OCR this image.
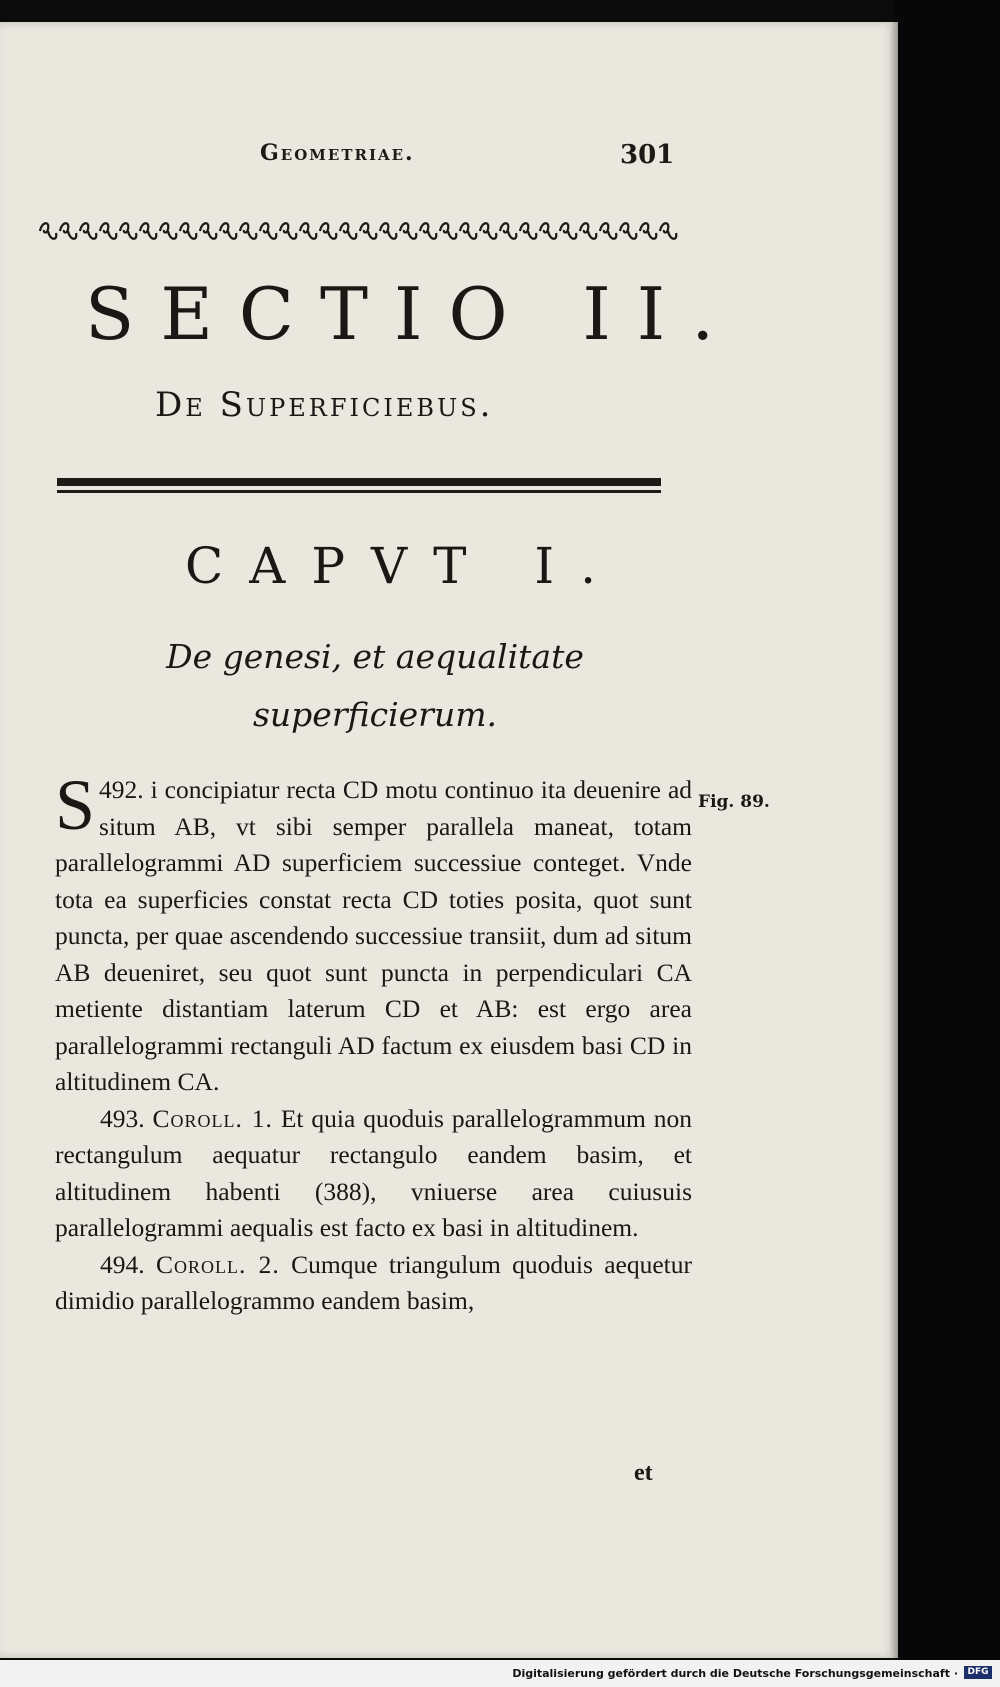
Geometriae.	301
SECTIO II.
De Superficiebus.
CAPVT I.
De genesi, et aequalitate superficierum.
Fig. 89.

492.
S i concipiatur recta CD motu continuo ita deuenire ad situm AB, vt sibi semper parallela maneat, totam parallelogrammi AD superficiem successiue conteget. Vnde tota ea superficies constat recta CD toties posita, quot sunt puncta, per quae ascendendo successiue transiit, dum ad situm AB deueniret, seu quot sunt puncta in perpendiculari CA metiente distantiam laterum CD et AB: est ergo area parallelogrammi rectanguli AD factum ex eiusdem basi CD in altitudinem CA.

493. Coroll. 1. Et quia quoduis parallelogrammum non rectangulum aequatur rectangulo eandem basim, et altitudinem habenti (388), vniuerse area cuiusuis parallelogrammi aequalis est facto ex basi in altitudinem.

494. Coroll. 2. Cumque triangulum quoduis aequetur dimidio parallelogrammo eandem basim,

et
Digitalisierung gefördert durch die Deutsche Forschungsgemeinschaft ·	DFG
